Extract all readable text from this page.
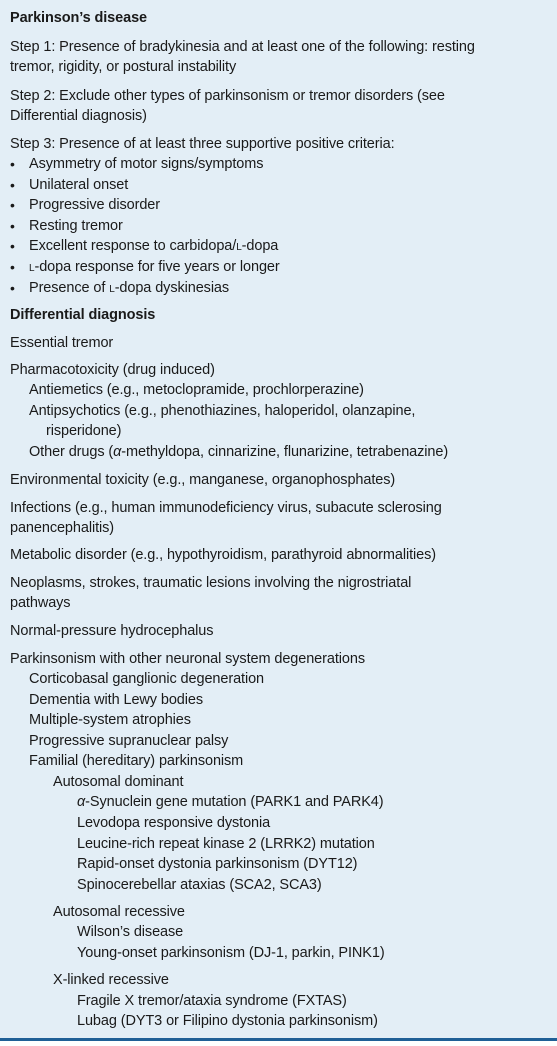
Parkinson’s disease
Step 1: Presence of bradykinesia and at least one of the following: resting
tremor, rigidity, or postural instability
Step 2: Exclude other types of parkinsonism or tremor disorders (see
Differential diagnosis)
Step 3: Presence of at least three supportive positive criteria:
• Asymmetry of motor signs/symptoms
• Unilateral onset
• Progressive disorder
• Resting tremor
• Excellent response to carbidopa/l-dopa
• l-dopa response for five years or longer
• Presence of l-dopa dyskinesias
Differential diagnosis
Essential tremor
Pharmacotoxicity (drug induced)
Antiemetics (e.g., metoclopramide, prochlorperazine)
Antipsychotics (e.g., phenothiazines, haloperidol, olanzapine,
risperidone)
Other drugs (α-methyldopa, cinnarizine, flunarizine, tetrabenazine)
Environmental toxicity (e.g., manganese, organophosphates)
Infections (e.g., human immunodeficiency virus, subacute sclerosing
panencephalitis)
Metabolic disorder (e.g., hypothyroidism, parathyroid abnormalities)
Neoplasms, strokes, traumatic lesions involving the nigrostriatal
pathways
Normal-pressure hydrocephalus
Parkinsonism with other neuronal system degenerations
Corticobasal ganglionic degeneration
Dementia with Lewy bodies
Multiple-system atrophies
Progressive supranuclear palsy
Familial (hereditary) parkinsonism
Autosomal dominant
α-Synuclein gene mutation (PARK1 and PARK4)
Levodopa responsive dystonia
Leucine-rich repeat kinase 2 (LRRK2) mutation
Rapid-onset dystonia parkinsonism (DYT12)
Spinocerebellar ataxias (SCA2, SCA3)
Autosomal recessive
Wilson’s disease
Young-onset parkinsonism (DJ-1, parkin, PINK1)
X-linked recessive
Fragile X tremor/ataxia syndrome (FXTAS)
Lubag (DYT3 or Filipino dystonia parkinsonism)
